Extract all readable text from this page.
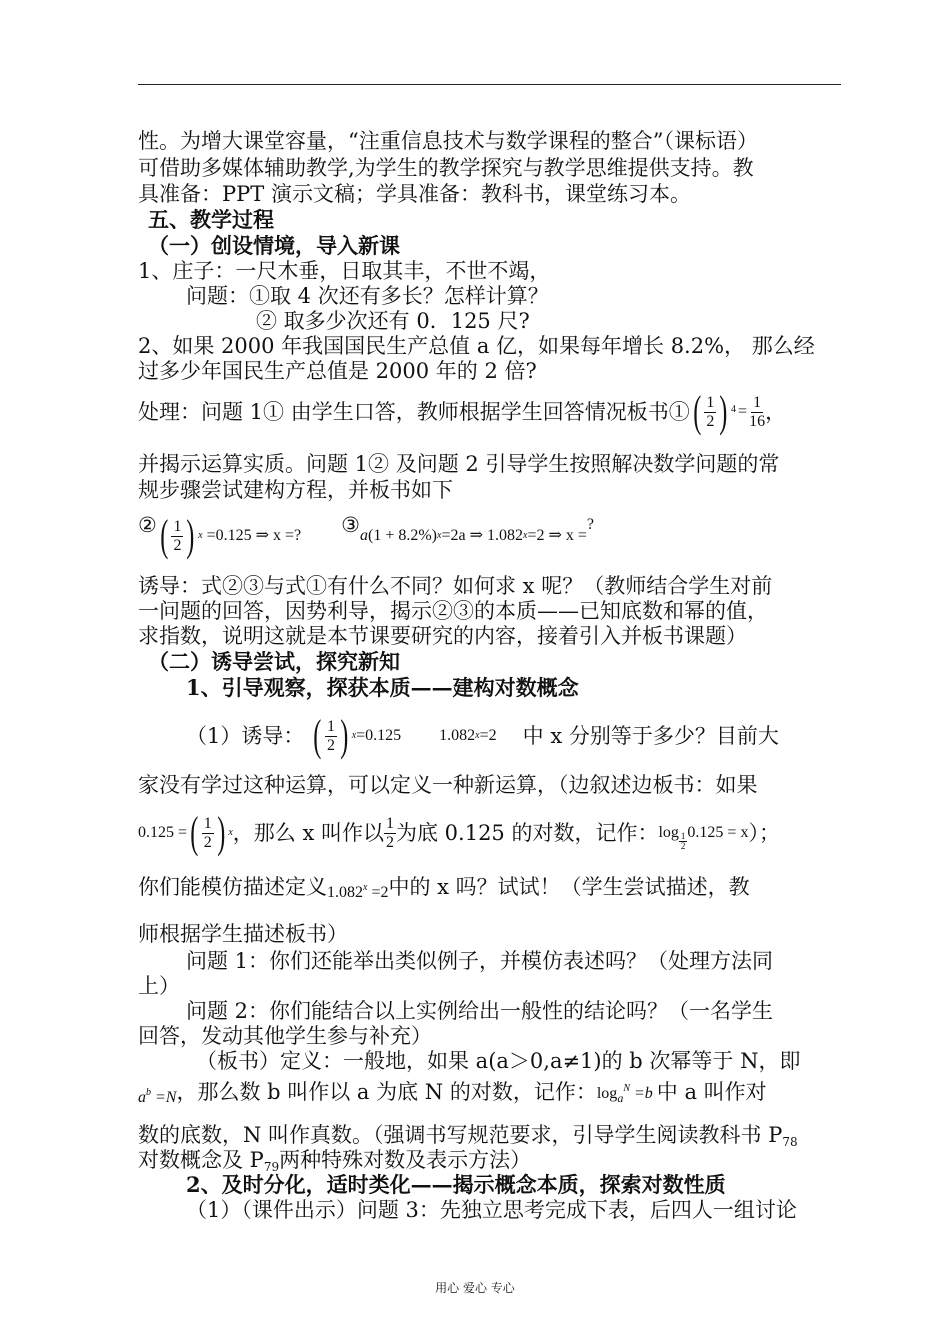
性。为增大课堂容量，“注重信息技术与数学课程的整合”（课标语）
可借助多媒体辅助教学,为学生的教学探究与教学思维提供支持。教
具准备：PPT 演示文稿；学具准备：教科书，课堂练习本。
五、教学过程
（一）创设情境，导入新课
1、庄子：一尺木垂，日取其丰，不世不竭，
问题：①取 4 次还有多长？怎样计算？
② 取多少次还有 0．125 尺?
2、如果 2000 年我国国民生产总值 a 亿，如果每年增长 8.2%， 那么经
过多少年国民生产总值是 2000 年的 2 倍?
处理：问题 1① 由学生口答，教师根据学生回答情况板书① ( $\frac{1}{2}$ ) $4 = \frac{1}{16}$ ，
并揭示运算实质。问题 1② 及问题 2 引导学生按照解决数学问题的常
规步骤尝试建构方程，并板书如下
② ( $\frac{1}{2}$ ) x =0.125 ⇒ x =? ③ a (1 + 8.2%) x =2a ⇒ 1.082 x =2 ⇒ x =
?
诱导：式②③与式①有什么不同？如何求 x 呢？（教师结合学生对前
一问题的回答，因势利导，揭示②③的本质——已知底数和幂的值，
求指数，说明这就是本节课要研究的内容，接着引入并板书课题）
（二）诱导尝试，探究新知
1、引导观察，探获本质——建构对数概念
（1）诱导： ( $\frac{1}{2}$ ) x =0.125 1.082 x =2 中 x 分别等于多少？目前大
家没有学过这种运算，可以定义一种新运算，（边叙述边板书：如果
0.125 = ( $\frac{1}{2}$ ) x ，那么 x 叫作以 $\frac{1}{2}$ 为底 0.125 的对数，记作： $\log \frac{1}{2} 0.125 = x$ ）；
你们能模仿描述定义 $1.082^x =2$ 中的 x 吗？试试！（学生尝试描述，教
师根据学生描述板书）
问题 1：你们还能举出类似例子，并模仿表述吗？（处理方法同
上）
问题 2：你们能结合以上实例给出一般性的结论吗？（一名学生
回答，发动其他学生参与补充）
（板书）定义：一般地，如果 a(a＞0,a≠1)的 b 次幂等于 N，即
$a^b =N$ ，那么数 b 叫作以 a 为底 N 的对数，记作： $\log_a^N =b$ 中 a 叫作对
数的底数，N 叫作真数。（强调书写规范要求，引导学生阅读教科书 $P_{78}$
对数概念及 $P_{79}$两种特殊对数及表示方法）
2、及时分化，适时类化——揭示概念本质，探索对数性质
（1）（课件出示）问题 3：先独立思考完成下表，后四人一组讨论
用心 爱心 专心
